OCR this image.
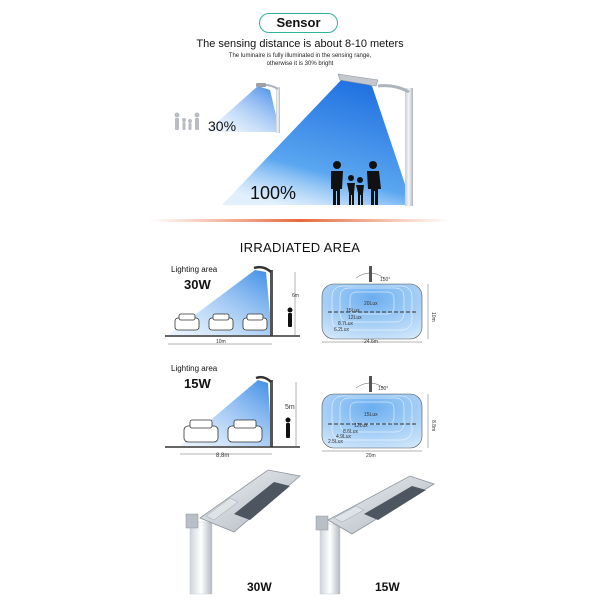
Sensor
The sensing distance is about 8-10 meters
The luminaire is fully illuminated in the sensing range,
otherwise it is 30% bright
30%
100%
IRRADIATED AREA
Lighting area
30W
6m
10m
150°
20Lux
15Lux
12Lux
8.7Lux
6.2Lux
24.6m
10m
Lighting area
15W
5m
8.8m
150°
15Lux
12Lux
8.6Lux
4.9Lux
2.5Lux
20m
8.8m
30W	15W
